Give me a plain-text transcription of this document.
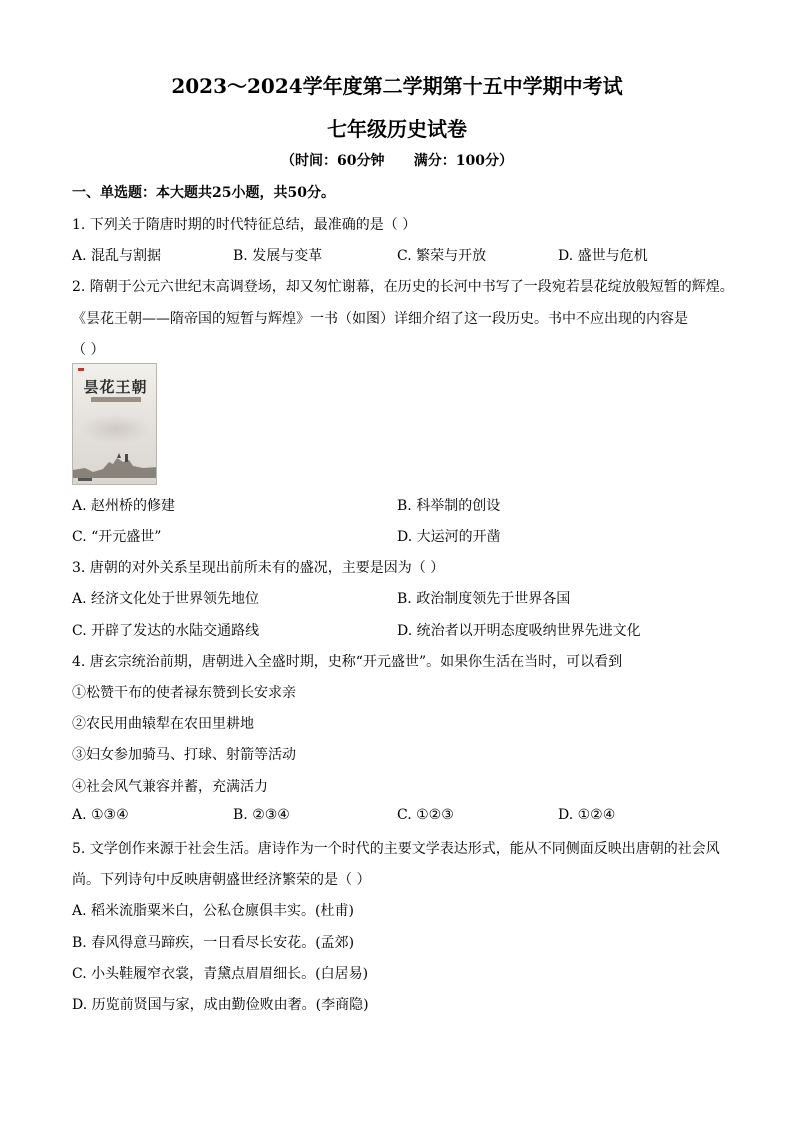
2023～2024学年度第二学期第十五中学期中考试
七年级历史试卷
（时间：60分钟      满分：100分）
一、单选题：本大题共25小题，共50分。
1. 下列关于隋唐时期的时代特征总结，最准确的是（ ）
A. 混乱与割据	B. 发展与变革	C. 繁荣与开放	D. 盛世与危机
2. 隋朝于公元六世纪末高调登场，却又匆忙谢幕，在历史的长河中书写了一段宛若昙花绽放般短暂的辉煌。
《昙花王朝——隋帝国的短暂与辉煌》一书（如图）详细介绍了这一段历史。书中不应出现的内容是
（ ）
昙花王朝
A. 赵州桥的修建	B. 科举制的创设
C. “开元盛世”	D. 大运河的开凿
3. 唐朝的对外关系呈现出前所未有的盛况，主要是因为（ ）
A. 经济文化处于世界领先地位	B. 政治制度领先于世界各国
C. 开辟了发达的水陆交通路线	D. 统治者以开明态度吸纳世界先进文化
4. 唐玄宗统治前期，唐朝进入全盛时期，史称“开元盛世”。如果你生活在当时，可以看到
①松赞干布的使者禄东赞到长安求亲
②农民用曲辕犁在农田里耕地
③妇女参加骑马、打球、射箭等活动
④社会风气兼容并蓄，充满活力
A. ①③④	B. ②③④	C. ①②③	D. ①②④
5. 文学创作来源于社会生活。唐诗作为一个时代的主要文学表达形式，能从不同侧面反映出唐朝的社会风
尚。下列诗句中反映唐朝盛世经济繁荣的是（ ）
A. 稻米流脂粟米白，公私仓廪俱丰实。(杜甫)
B. 春风得意马蹄疾，一日看尽长安花。(孟郊)
C. 小头鞋履窄衣裳，青黛点眉眉细长。(白居易)
D. 历览前贤国与家，成由勤俭败由奢。(李商隐)
